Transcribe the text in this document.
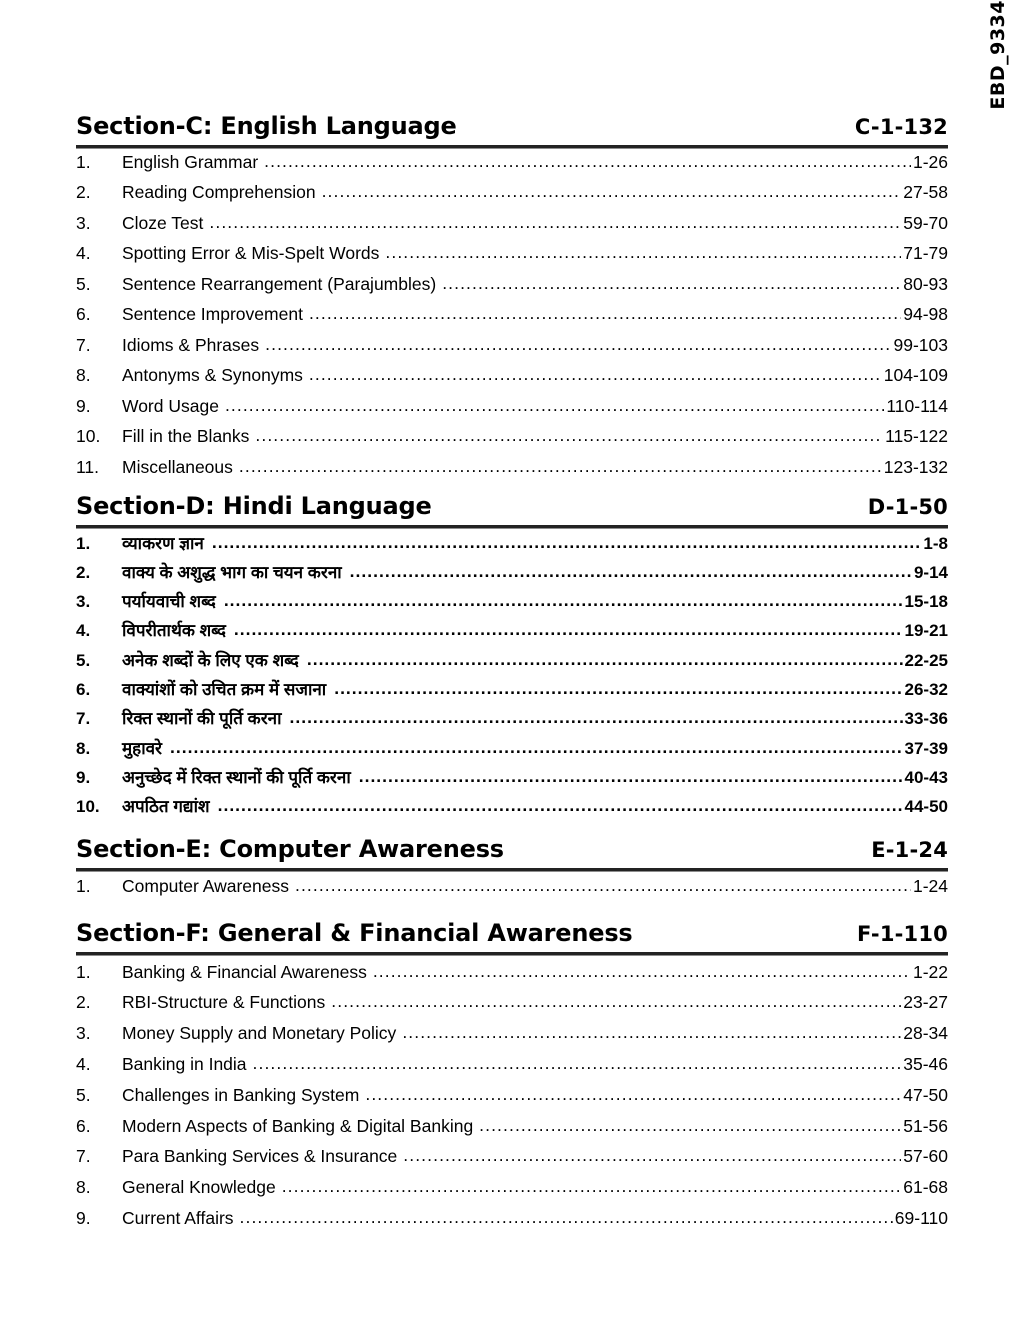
EBD_9334
Section-C: English Language	C-1-132
1.	English Grammar .....	1-26
2.	Reading Comprehension .....	27-58
3.	Cloze Test .....	59-70
4.	Spotting Error & Mis-Spelt Words .....	71-79
5.	Sentence Rearrangement (Parajumbles) .....	80-93
6.	Sentence Improvement .....	94-98
7.	Idioms & Phrases .....	99-103
8.	Antonyms & Synonyms .....	104-109
9.	Word Usage .....	110-114
10.	Fill in the Blanks .....	115-122
11.	Miscellaneous .....	123-132
Section-D: Hindi Language	D-1-50
1.	व्याकरण ज्ञान .....	1-8
2.	वाक्य के अशुद्ध भाग का चयन करना .....	9-14
3.	पर्यायवाची शब्द .....	15-18
4.	विपरीतार्थक शब्द .....	19-21
5.	अनेक शब्दों के लिए एक शब्द .....	22-25
6.	वाक्यांशों को उचित क्रम में सजाना .....	26-32
7.	रिक्त स्थानों की पूर्ति करना .....	33-36
8.	मुहावरे .....	37-39
9.	अनुच्छेद में रिक्त स्थानों की पूर्ति करना .....	40-43
10.	अपठित गद्यांश .....	44-50
Section-E: Computer Awareness	E-1-24
1.	Computer Awareness .....	1-24
Section-F: General & Financial Awareness	F-1-110
1.	Banking & Financial Awareness .....	1-22
2.	RBI-Structure & Functions .....	23-27
3.	Money Supply and Monetary Policy .....	28-34
4.	Banking in India .....	35-46
5.	Challenges in Banking System .....	47-50
6.	Modern Aspects of Banking & Digital Banking .....	51-56
7.	Para Banking Services & Insurance .....	57-60
8.	General Knowledge .....	61-68
9.	Current Affairs .....	69-110
